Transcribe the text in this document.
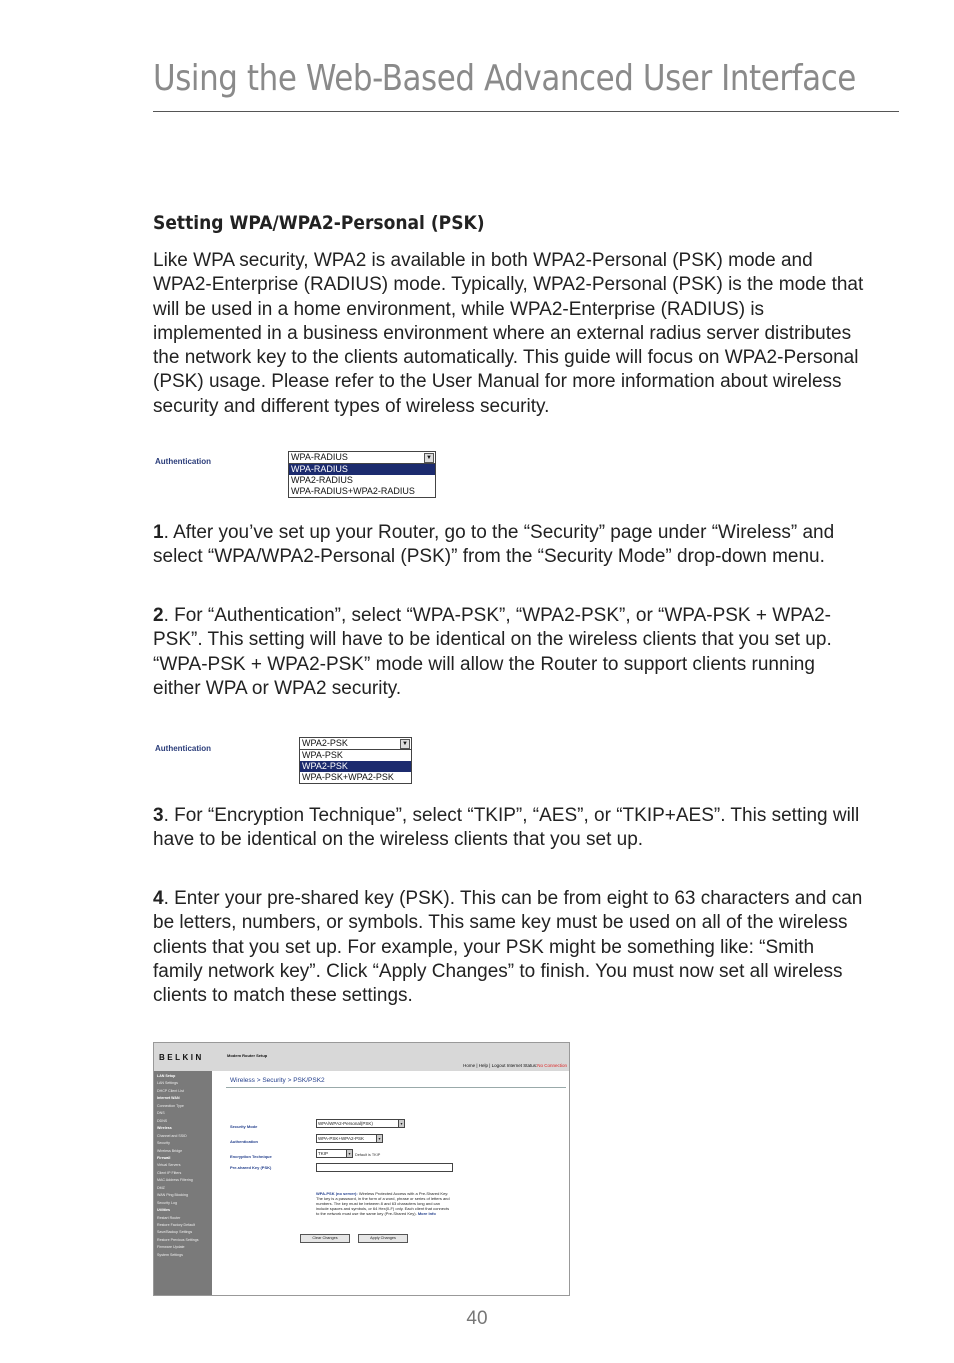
Using the Web-Based Advanced User Interface
Setting WPA/WPA2-Personal (PSK)

Like WPA security, WPA2 is available in both WPA2-Personal (PSK) mode and WPA2-Enterprise (RADIUS) mode. Typically, WPA2-Personal (PSK) is the mode that will be used in a home environment, while WPA2-Enterprise (RADIUS) is implemented in a business environment where an external radius server distributes the network key to the clients automatically. This guide will focus on WPA2-Personal (PSK) usage. Please refer to the User Manual for more information about wireless security and different types of wireless security.

Authentication	WPA-RADIUS	▼
WPA-RADIUS
WPA2-RADIUS
WPA-RADIUS+WPA2-RADIUS

1. After you’ve set up your Router, go to the “Security” page under “Wireless” and select “WPA/WPA2-Personal (PSK)” from the “Security Mode” drop-down menu.

2. For “Authentication”, select “WPA-PSK”, “WPA2-PSK”, or “WPA-PSK + WPA2-PSK”. This setting will have to be identical on the wireless clients that you set up. “WPA-PSK + WPA2-PSK” mode will allow the Router to support clients running either WPA or WPA2 security.

Authentication
WPA2-PSK	▼
WPA-PSK
WPA2-PSK
WPA-PSK+WPA2-PSK

3. For “Encryption Technique”, select “TKIP”, “AES”, or “TKIP+AES”. This setting will have to be identical on the wireless clients that you set up.

4. Enter your pre-shared key (PSK). This can be from eight to 63 characters and can be letters, numbers, or symbols. This same key must be used on all of the wireless clients that you set up. For example, your PSK might be something like: “Smith family network key”. Click “Apply Changes” to finish. You must now set all wireless clients to match these settings.

BELKIN	Modem Router Setup
Home | Help | Logout Internet Status:No Connection
LAN Setup
LAN Settings
DHCP Client List
Internet WAN
Connection Type
DNS
DDNS
Wireless
Channel and SSID
Security
Wireless Bridge
Firewall
Virtual Servers
Client IP Filters
MAC Address Filtering
DMZ
WAN Ping Blocking
Security Log
Utilities
Restart Router
Restore Factory Default
Save/Backup Settings
Restore Previous Settings
Firmware Update
System Settings
Wireless > Security > PSK/PSK2
Security Mode
WPA/WPA2-Personal(PSK)	▾
Authentication
WPA-PSK+WPA2-PSK	▾
Encryption Technique
TKIP	▾	Default is TKIP
Pre-shared Key (PSK)
WPA-PSK (no server): Wireless Protected Access with a Pre-Shared Key: The key is a password, in the form of a word, phrase or series of letters and numbers. The key must be between 8 and 63 characters long and can include spaces and symbols, or 64 Hex(0-F) only. Each client that connects to the network must use the same key (Pre-Shared Key). More Info
Clear Changes	Apply Changes
40
